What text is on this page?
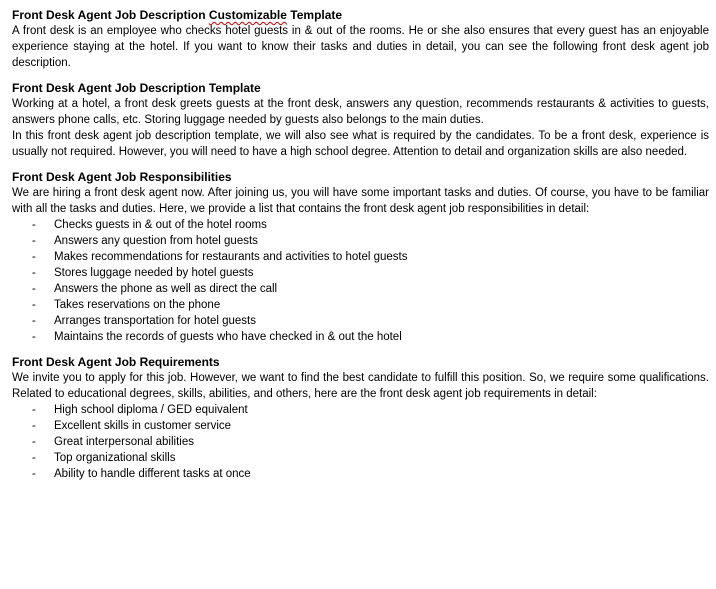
Front Desk Agent Job Description Customizable Template

A front desk is an employee who checks hotel guests in & out of the rooms. He or she also ensures that every guest has an enjoyable experience staying at the hotel. If you want to know their tasks and duties in detail, you can see the following front desk agent job description.

Front Desk Agent Job Description Template

Working at a hotel, a front desk greets guests at the front desk, answers any question, recommends restaurants & activities to guests, answers phone calls, etc. Storing luggage needed by guests also belongs to the main duties.

In this front desk agent job description template, we will also see what is required by the candidates. To be a front desk, experience is usually not required. However, you will need to have a high school degree. Attention to detail and organization skills are also needed.

Front Desk Agent Job Responsibilities

We are hiring a front desk agent now. After joining us, you will have some important tasks and duties. Of course, you have to be familiar with all the tasks and duties. Here, we provide a list that contains the front desk agent job responsibilities in detail:

- Checks guests in & out of the hotel rooms
- Answers any question from hotel guests
- Makes recommendations for restaurants and activities to hotel guests
- Stores luggage needed by hotel guests
- Answers the phone as well as direct the call
- Takes reservations on the phone
- Arranges transportation for hotel guests
- Maintains the records of guests who have checked in & out the hotel
Front Desk Agent Job Requirements

We invite you to apply for this job. However, we want to find the best candidate to fulfill this position. So, we require some qualifications. Related to educational degrees, skills, abilities, and others, here are the front desk agent job requirements in detail:

- High school diploma / GED equivalent
- Excellent skills in customer service
- Great interpersonal abilities
- Top organizational skills
- Ability to handle different tasks at once
